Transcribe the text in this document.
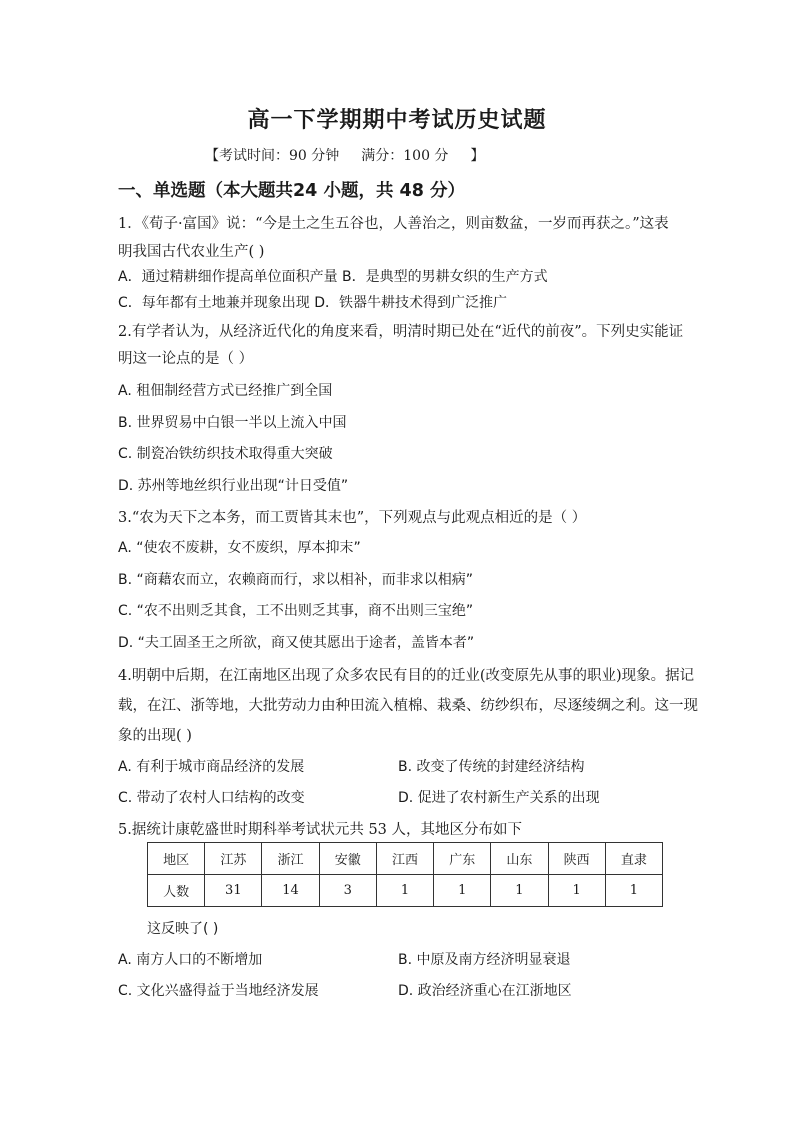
高一下学期期中考试历史试题
【考试时间：90 分钟 满分：100 分 】
一、单选题（本大题共24 小题，共 48 分）
1．《荀子·富国》说：“今是土之生五谷也，人善治之，则亩数盆，一岁而再获之。”这表
明我国古代农业生产( )
A．通过精耕细作提高单位面积产量 B．是典型的男耕女织的生产方式
C．每年都有土地兼并现象出现 D．铁器牛耕技术得到广泛推广
2.有学者认为，从经济近代化的角度来看，明清时期已处在“近代的前夜”。下列史实能证
明这一论点的是（ ）
A. 租佃制经营方式已经推广到全国
B. 世界贸易中白银一半以上流入中国
C. 制瓷冶铁纺织技术取得重大突破
D. 苏州等地丝织行业出现“计日受值”
3.“农为天下之本务，而工贾皆其末也”，下列观点与此观点相近的是（ ）
A. “使农不废耕，女不废织，厚本抑末”
B. “商藉农而立，农赖商而行，求以相补，而非求以相病”
C. “农不出则乏其食，工不出则乏其事，商不出则三宝绝”
D. “夫工固圣王之所欲，商又使其愿出于途者，盖皆本者”
4.明朝中后期，在江南地区出现了众多农民有目的的迁业(改变原先从事的职业)现象。据记
载，在江、浙等地，大批劳动力由种田流入植棉、栽桑、纺纱织布，尽逐绫绸之利。这一现
象的出现( )
A. 有利于城市商品经济的发展	B. 改变了传统的封建经济结构
C. 带动了农村人口结构的改变	D. 促进了农村新生产关系的出现
5.据统计康乾盛世时期科举考试状元共 53 人，其地区分布如下
地区	江苏	浙江	安徽	江西	广东	山东	陕西	直隶
人数	31	14	3	1	1	1	1	1
这反映了( )
A. 南方人口的不断增加	B. 中原及南方经济明显衰退
C. 文化兴盛得益于当地经济发展	D. 政治经济重心在江浙地区
